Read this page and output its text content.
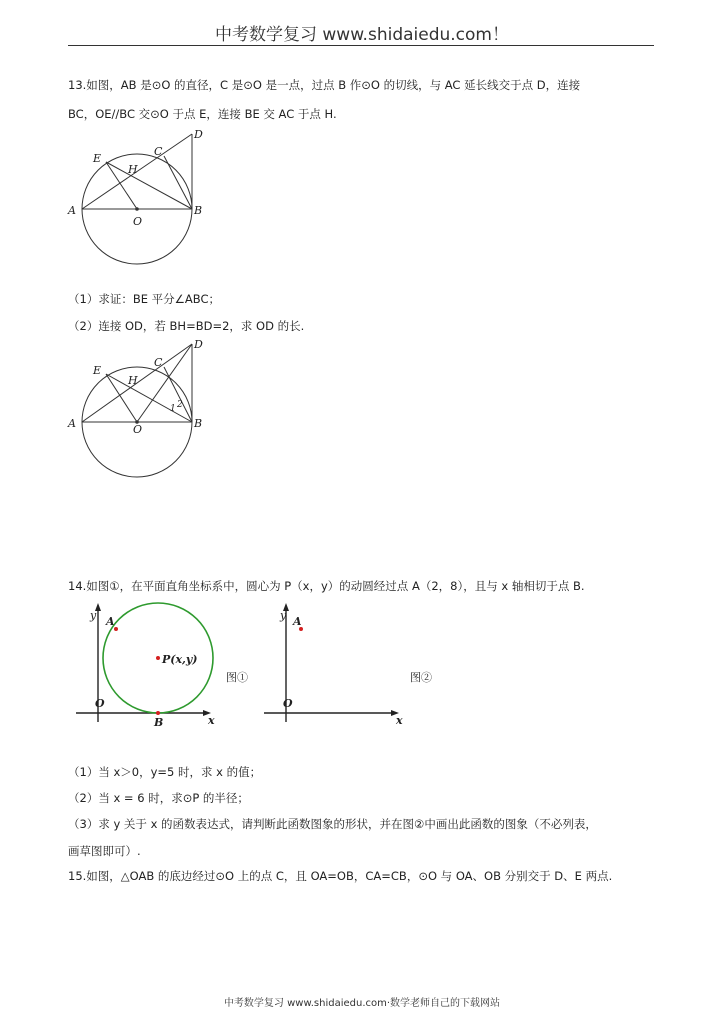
中考数学复习 www.shidaiedu.com！
13.如图，AB 是⊙O 的直径，C 是⊙O 是一点，过点 B 作⊙O 的切线，与 AC 延长线交于点 D，连接
BC，OE//BC 交⊙O 于点 E，连接 BE 交 AC 于点 H.
A	B
C
D
E
H
O
（1）求证：BE 平分∠ABC；
（2）连接 OD，若 BH=BD=2，求 OD 的长.
A	B
C
D
E
H
O
1 2
14.如图①，在平面直角坐标系中，圆心为 P（x，y）的动圆经过点 A（2，8），且与 x 轴相切于点 B.
y A
P(x,y)
O
B	x
图①
y A
O
x
图②
（1）当 x＞0，y=5 时，求 x 的值；
（2）当 x = 6 时，求⊙P 的半径；
（3）求 y 关于 x 的函数表达式，请判断此函数图象的形状，并在图②中画出此函数的图象（不必列表，
画草图即可）.
15.如图，△OAB 的底边经过⊙O 上的点 C，且 OA=OB，CA=CB，⊙O 与 OA、OB 分别交于 D、E 两点.
中考数学复习 www.shidaiedu.com·数学老师自己的下载网站
